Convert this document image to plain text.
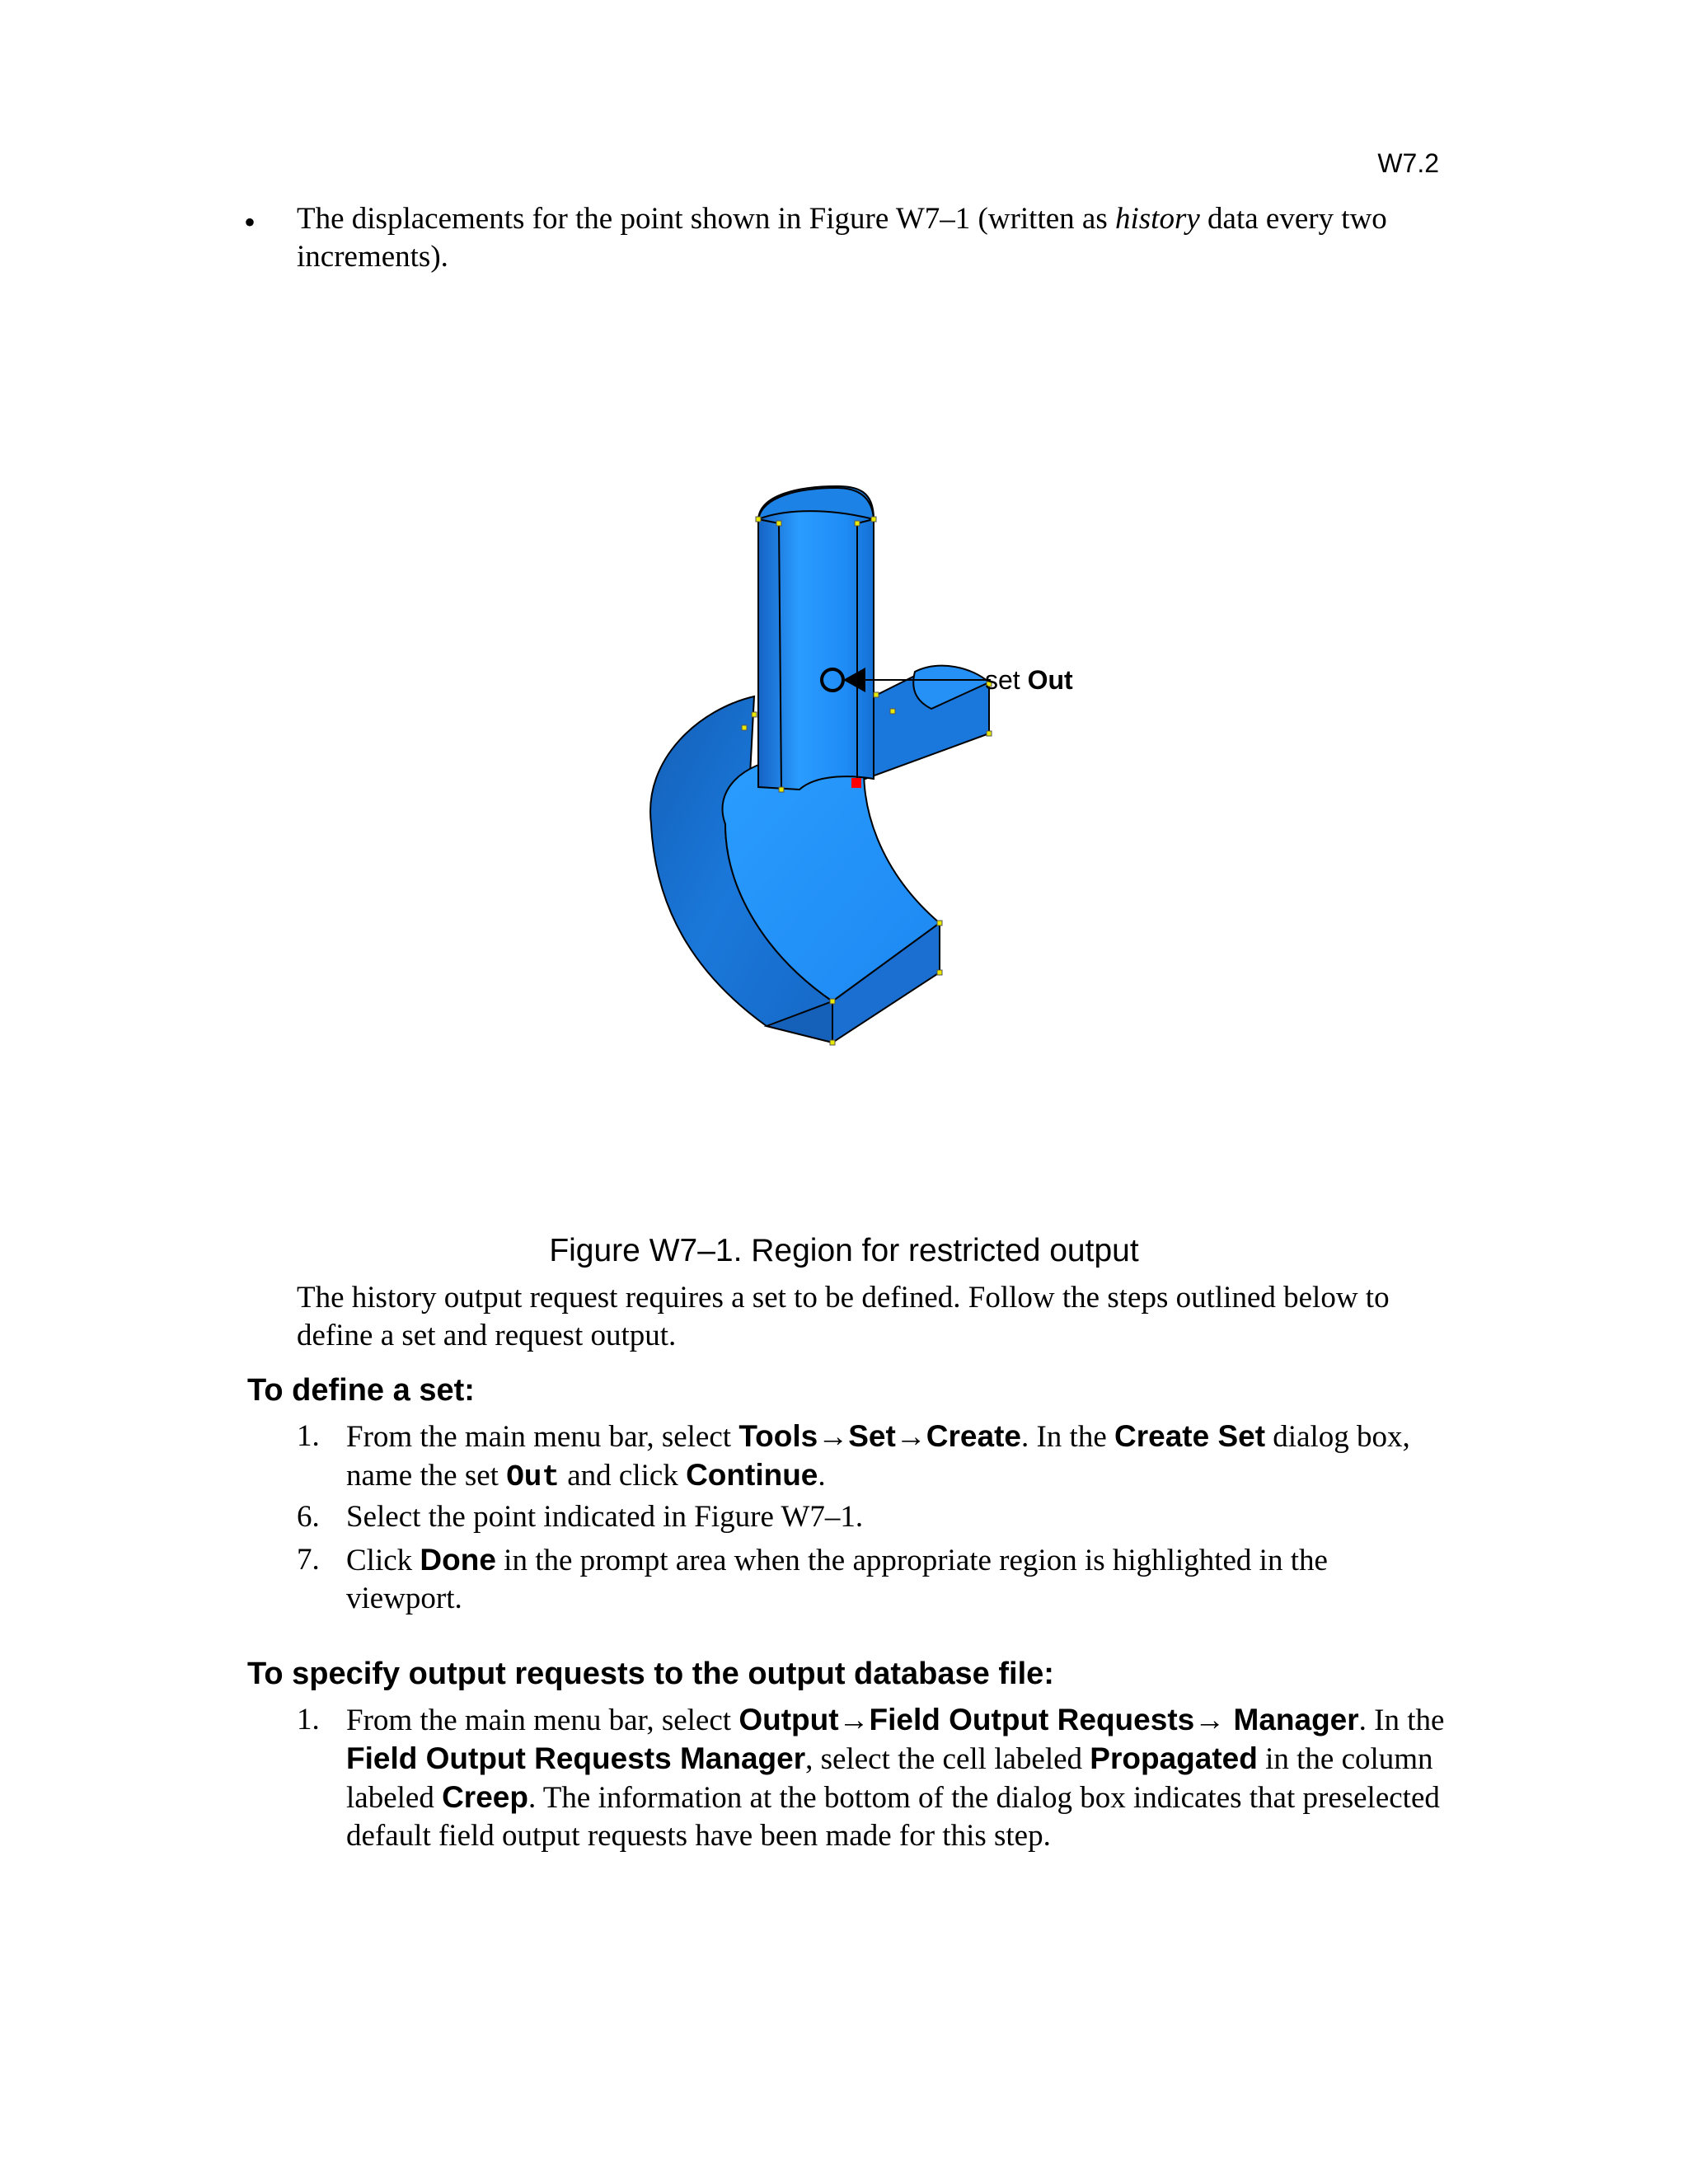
W7.2
• The displacements for the point shown in Figure W7–1 (written as history data every two increments).
set Out
Figure W7–1. Region for restricted output
The history output request requires a set to be defined. Follow the steps outlined below to define a set and request output.
To define a set:
1. From the main menu bar, select Tools→Set→Create. In the Create Set dialog box, name the set Out and click Continue.
6. Select the point indicated in Figure W7–1.
7. Click Done in the prompt area when the appropriate region is highlighted in the viewport.
To specify output requests to the output database file:
1. From the main menu bar, select Output→Field Output Requests→ Manager. In the Field Output Requests Manager, select the cell labeled Propagated in the column labeled Creep. The information at the bottom of the dialog box indicates that preselected default field output requests have been made for this step.
